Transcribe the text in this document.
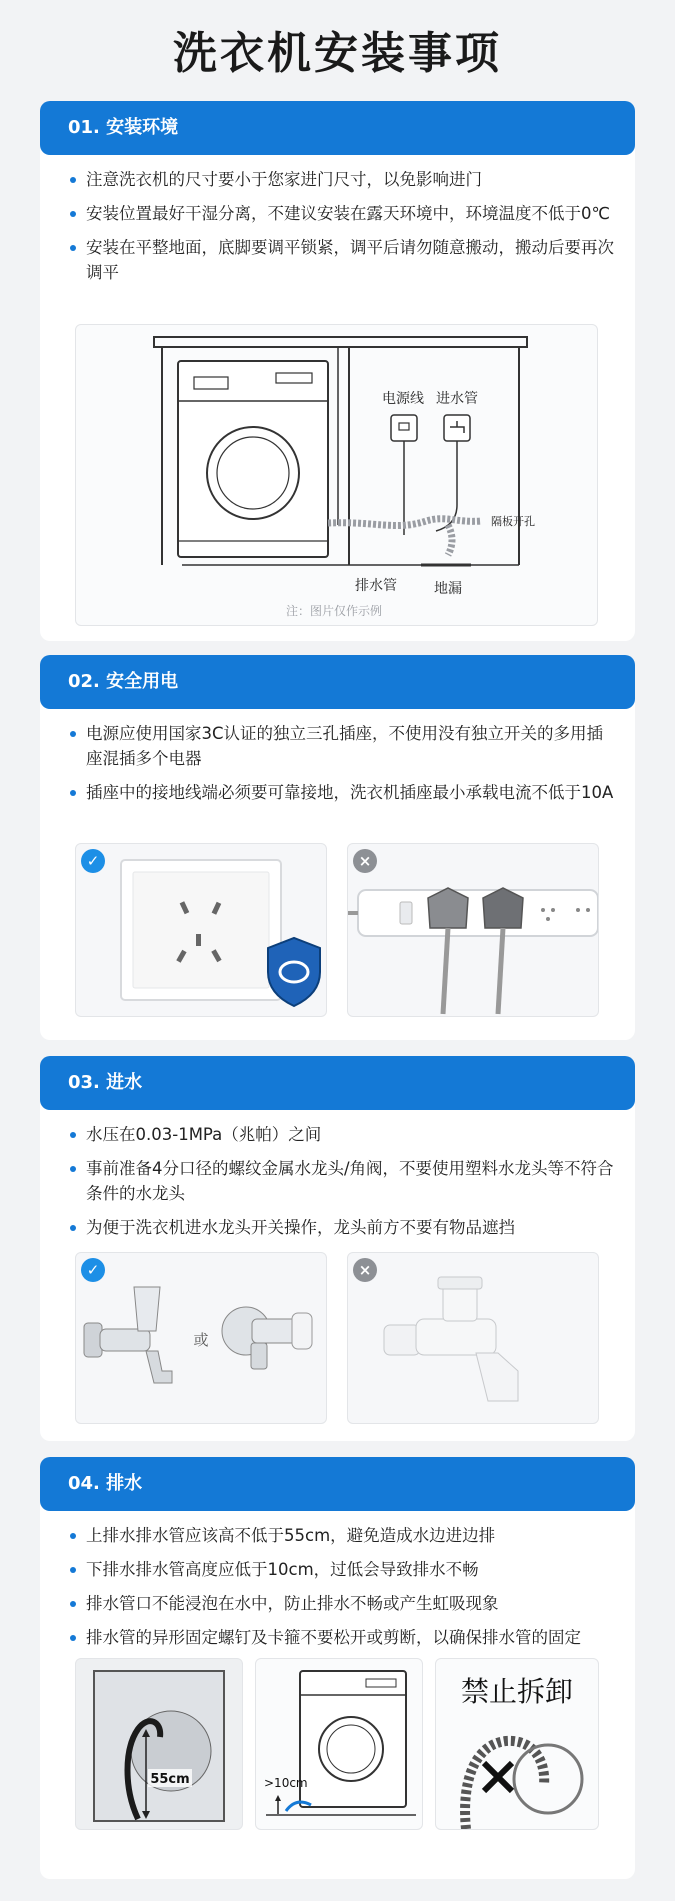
洗衣机安装事项
01. 安装环境
注意洗衣机的尺寸要小于您家进门尺寸，以免影响进门
安装位置最好干湿分离，不建议安装在露天环境中，环境温度不低于0℃
安装在平整地面，底脚要调平锁紧，调平后请勿随意搬动，搬动后要再次调平
电源线 进水管
隔板开孔
排水管	地漏
注：图片仅作示例
02. 安全用电
电源应使用国家3C认证的独立三孔插座，不使用没有独立开关的多用插座混插多个电器
插座中的接地线端必须要可靠接地，洗衣机插座最小承载电流不低于10A
✓	×
03. 进水
水压在0.03-1MPa（兆帕）之间
事前准备4分口径的螺纹金属水龙头/角阀，不要使用塑料水龙头等不符合条件的水龙头
为便于洗衣机进水龙头开关操作，龙头前方不要有物品遮挡
或
✓	×
04. 排水
上排水排水管应该高不低于55cm，避免造成水边进边排
下排水排水管高度应低于10cm，过低会导致排水不畅
排水管口不能浸泡在水中，防止排水不畅或产生虹吸现象
排水管的异形固定螺钉及卡箍不要松开或剪断，以确保排水管的固定
55cm	>10cm
禁止拆卸
